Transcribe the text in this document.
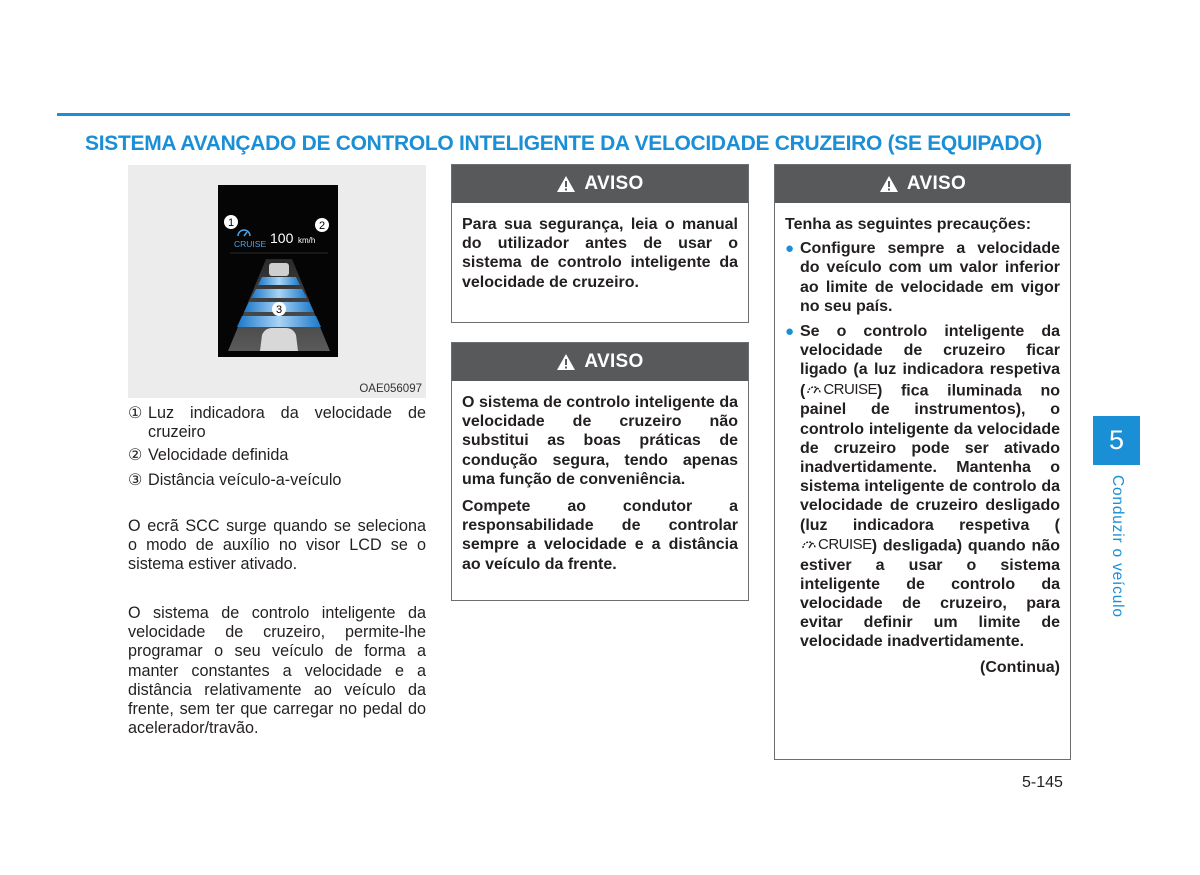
SISTEMA AVANÇADO DE CONTROLO INTELIGENTE DA VELOCIDADE CRUZEIRO (SE EQUIPADO)
1	2
CRUISE 100 km/h
3
OAE056097
① Luz indicadora da velocidade de cruzeiro
② Velocidade definida
③ Distância veículo-a-veículo

O ecrã SCC surge quando se seleciona o modo de auxílio no visor LCD se o sistema estiver ativado.

O sistema de controlo inteligente da velocidade de cruzeiro, permite-lhe programar o seu veículo de forma a manter constantes a velocidade e a distância relativamente ao veículo da frente, sem ter que carregar no pedal do acelerador/travão.

AVISO

Para sua segurança, leia o manual do utilizador antes de usar o sistema de controlo inteligente da velocidade de cruzeiro.

AVISO

O sistema de controlo inteligente da velocidade de cruzeiro não substitui as boas práticas de condução segura, tendo apenas uma função de conveniência.

Compete ao condutor a responsabilidade de controlar sempre a velocidade e a distância ao veículo da frente.

AVISO

Tenha as seguintes precauções:

● Configure sempre a velocidade do veículo com um valor inferior ao limite de velocidade em vigor no seu país.
● Se o controlo inteligente da velocidade de cruzeiro ficar ligado (a luz indicadora respetiva ( CRUISE ) fica iluminada no painel de instrumentos), o controlo inteligente da velocidade de cruzeiro pode ser ativado inadvertidamente. Mantenha o sistema inteligente de controlo da velocidade de cruzeiro desligado (luz indicadora respetiva (
CRUISE ) desligada) quando não estiver a usar o sistema inteligente de controlo da velocidade de cruzeiro, para evitar definir um limite de velocidade inadvertidamente.
(Continua)
5
Conduzir o veículo
5-145
